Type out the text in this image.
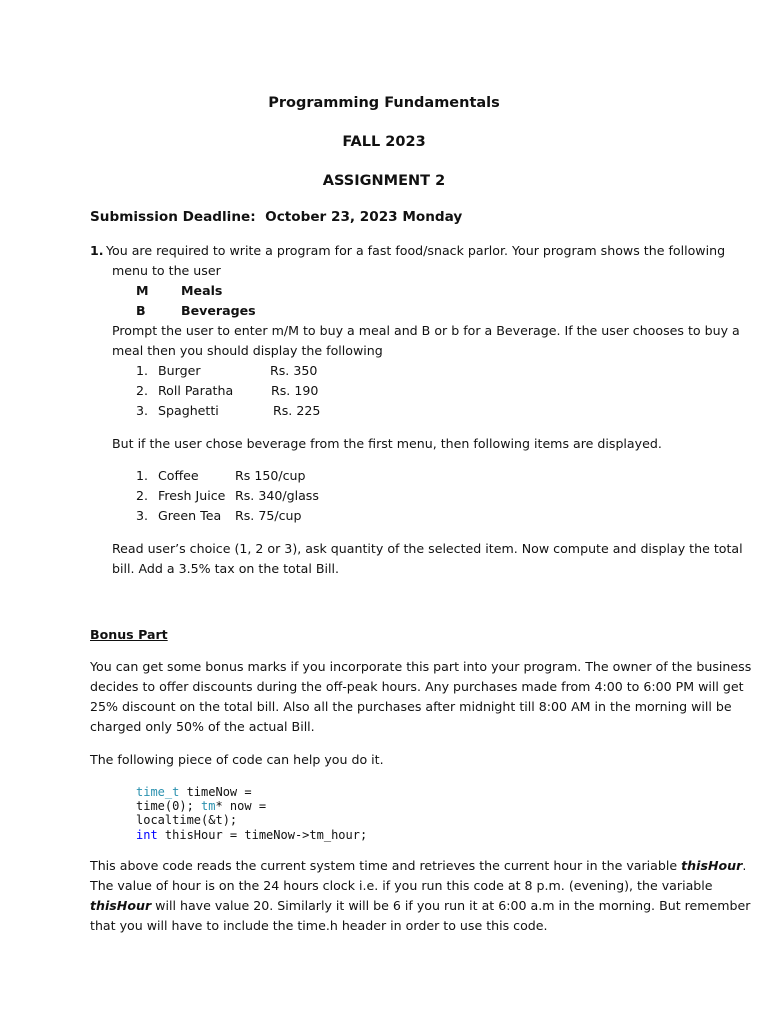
Programming Fundamentals
FALL 2023
ASSIGNMENT 2
Submission Deadline: October 23, 2023 Monday
1. You are required to write a program for a fast food/snack parlor. Your program shows the following
menu to the user
M	Meals
B	Beverages
Prompt the user to enter m/M to buy a meal and B or b for a Beverage. If the user chooses to buy a
meal then you should display the following
1. Burger	Rs. 350
2. Roll Paratha	Rs. 190
3. Spaghetti	Rs. 225
But if the user chose beverage from the first menu, then following items are displayed.
1. Coffee	Rs 150/cup
2. Fresh Juice Rs. 340/glass
3. Green Tea Rs. 75/cup
Read user’s choice (1, 2 or 3), ask quantity of the selected item. Now compute and display the total
bill. Add a 3.5% tax on the total Bill.
Bonus Part
You can get some bonus marks if you incorporate this part into your program. The owner of the business
decides to offer discounts during the off-peak hours. Any purchases made from 4:00 to 6:00 PM will get
25% discount on the total bill. Also all the purchases after midnight till 8:00 AM in the morning will be
charged only 50% of the actual Bill.
The following piece of code can help you do it.
time_t timeNow =
time(0); tm* now =
localtime(&t);
int thisHour = timeNow->tm_hour;
This above code reads the current system time and retrieves the current hour in the variable thisHour.
The value of hour is on the 24 hours clock i.e. if you run this code at 8 p.m. (evening), the variable
thisHour will have value 20. Similarly it will be 6 if you run it at 6:00 a.m in the morning. But remember
that you will have to include the time.h header in order to use this code.
